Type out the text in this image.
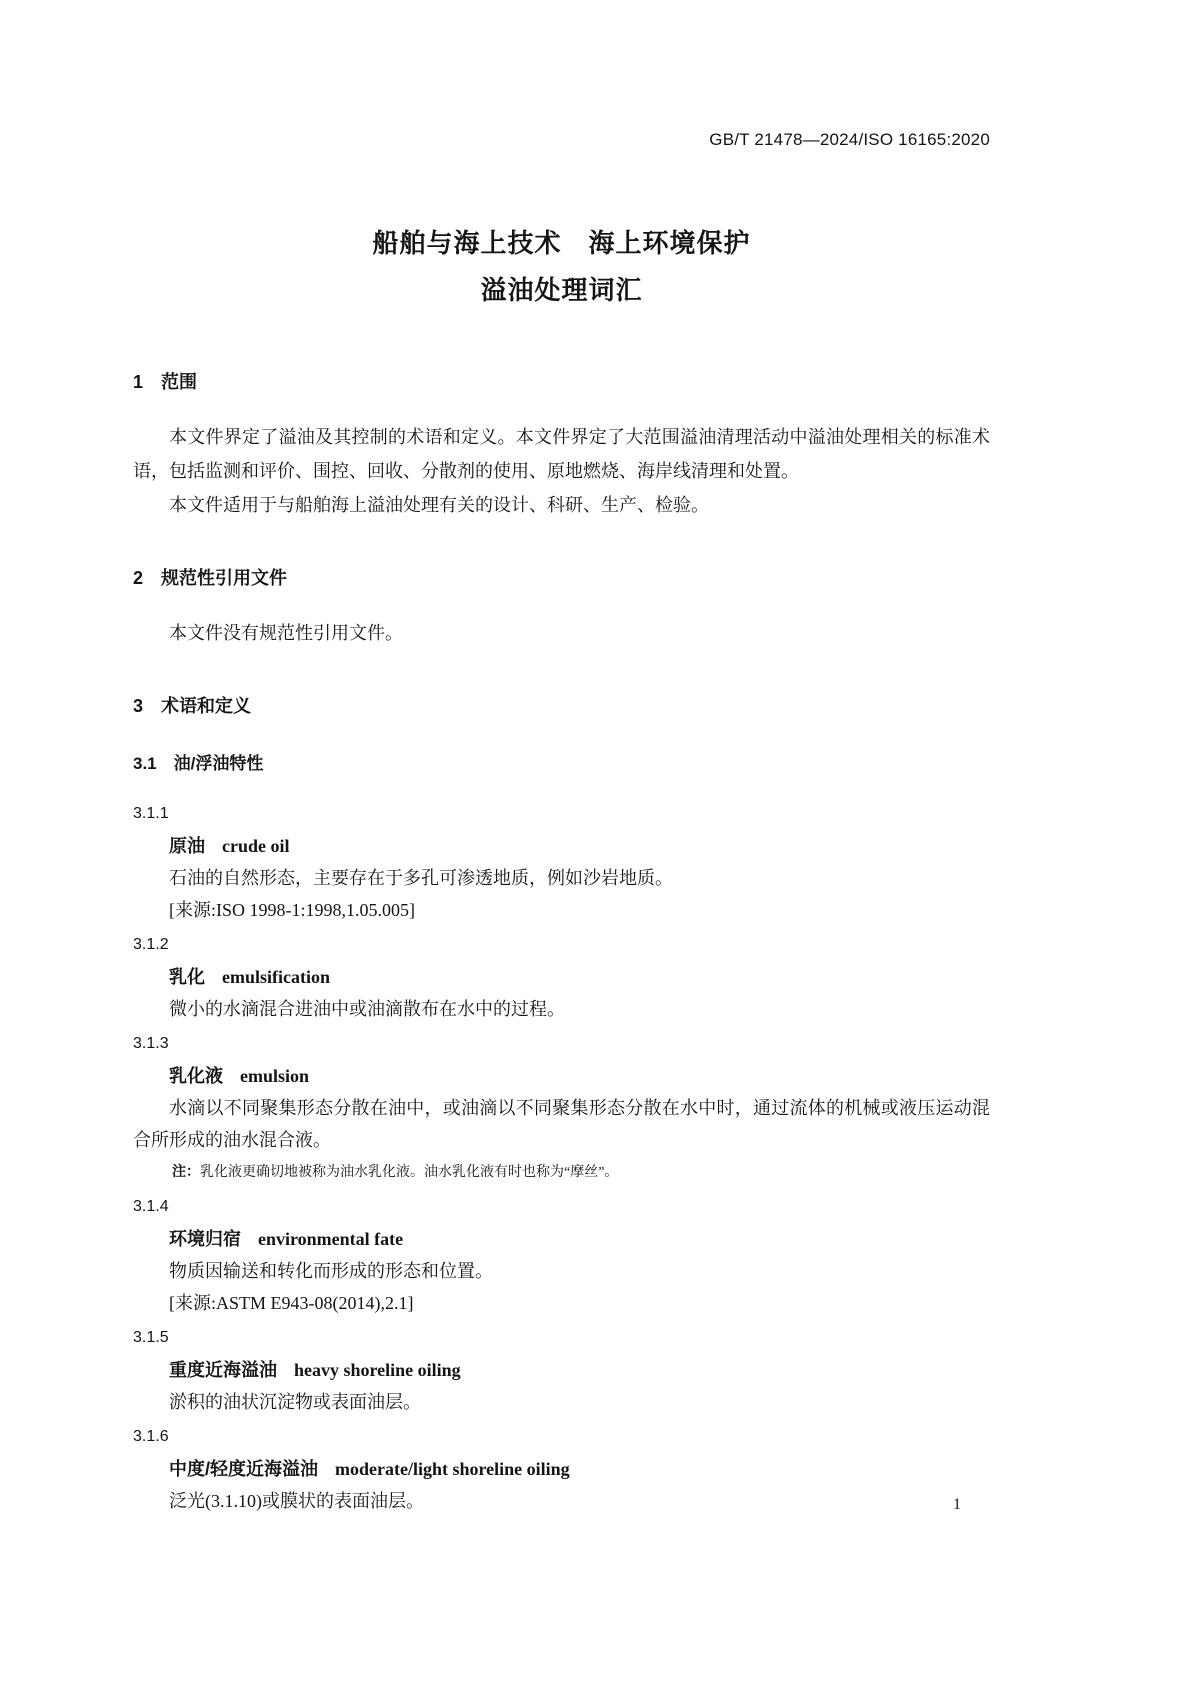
GB/T 21478—2024/ISO 16165:2020
船舶与海上技术　海上环境保护
溢油处理词汇
1　范围

本文件界定了溢油及其控制的术语和定义。本文件界定了大范围溢油清理活动中溢油处理相关的标准术语，包括监测和评价、围控、回收、分散剂的使用、原地燃烧、海岸线清理和处置。

本文件适用于与船舶海上溢油处理有关的设计、科研、生产、检验。

2　规范性引用文件

本文件没有规范性引用文件。

3　术语和定义
3.1　油/浮油特性
3.1.1
原油 crude oil

石油的自然形态，主要存在于多孔可渗透地质，例如沙岩地质。

[来源:ISO 1998-1:1998,1.05.005]

3.1.2
乳化 emulsification

微小的水滴混合进油中或油滴散布在水中的过程。

3.1.3
乳化液 emulsion

水滴以不同聚集形态分散在油中，或油滴以不同聚集形态分散在水中时，通过流体的机械或液压运动混合所形成的油水混合液。

注：乳化液更确切地被称为油水乳化液。油水乳化液有时也称为“摩丝”。

3.1.4
环境归宿 environmental fate

物质因输送和转化而形成的形态和位置。

[来源:ASTM E943-08(2014),2.1]

3.1.5
重度近海溢油 heavy shoreline oiling

淤积的油状沉淀物或表面油层。

3.1.6
中度/轻度近海溢油 moderate/light shoreline oiling

泛光(3.1.10)或膜状的表面油层。	1
